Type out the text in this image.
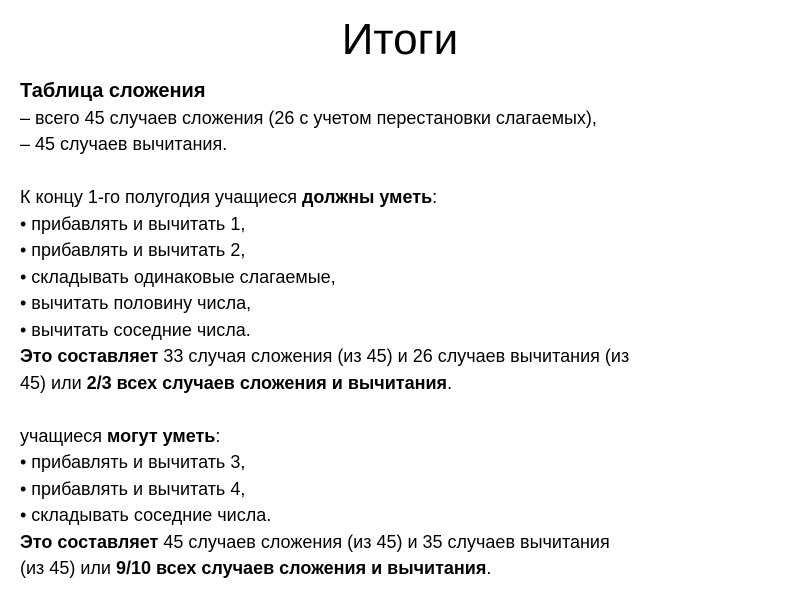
Итоги
Таблица сложения
– всего 45 случаев сложения (26 с учетом перестановки слагаемых),
– 45 случаев вычитания.
К концу 1-го полугодия учащиеся должны уметь:
• прибавлять и вычитать 1,
• прибавлять и вычитать 2,
• складывать одинаковые слагаемые,
• вычитать половину числа,
• вычитать соседние числа.
Это составляет 33 случая сложения (из 45) и 26 случаев вычитания (из
45) или 2/3 всех случаев сложения и вычитания.
учащиеся могут уметь:
• прибавлять и вычитать 3,
• прибавлять и вычитать 4,
• складывать соседние числа.
Это составляет 45 случаев сложения (из 45) и 35 случаев вычитания
(из 45) или 9/10 всех случаев сложения и вычитания.
